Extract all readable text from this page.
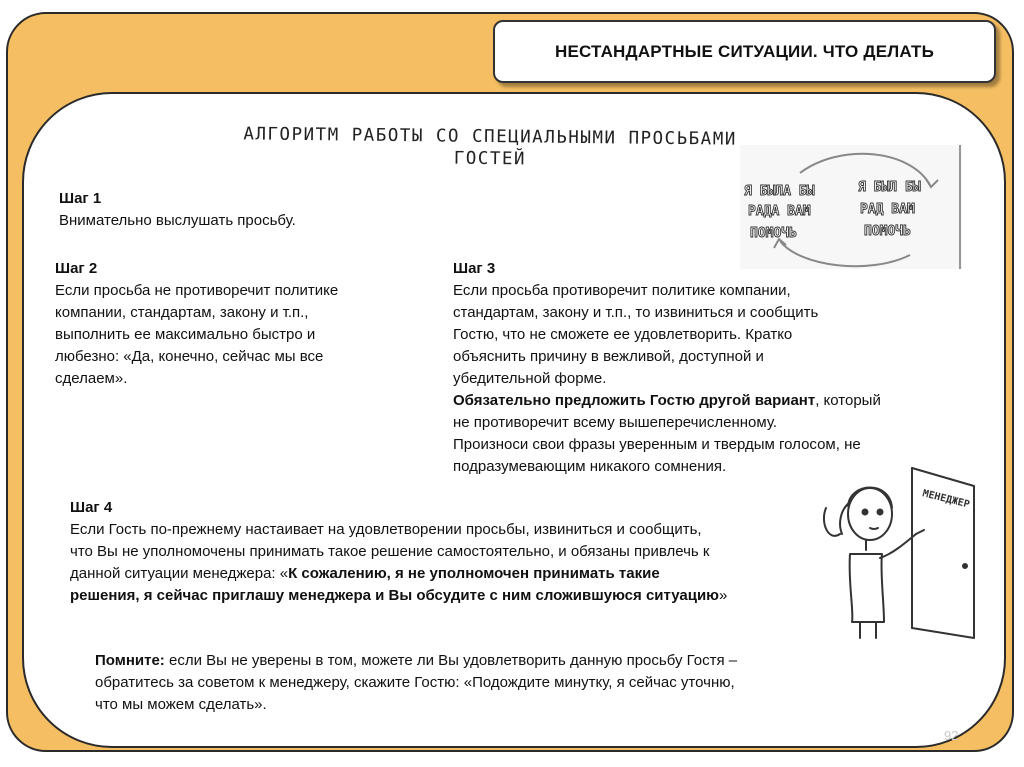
НЕСТАНДАРТНЫЕ СИТУАЦИИ. ЧТО ДЕЛАТЬ
АЛГОРИТМ РАБОТЫ СО СПЕЦИАЛЬНЫМИ ПРОСЬБАМИ
ГОСТЕЙ
Я БЫЛА БЫ
РАДА ВАМ
ПОМОЧЬ
Я БЫЛ БЫ
РАД ВАМ
ПОМОЧЬ
Шаг 1
Внимательно выслушать просьбу.
Шаг 2
Если просьба не противоречит политике
компании, стандартам, закону и т.п.,
выполнить ее максимально быстро и
любезно: «Да, конечно, сейчас мы все
сделаем».
Шаг 3
Если просьба противоречит политике компании,
стандартам, закону и т.п., то извиниться и сообщить
Гостю, что не сможете ее удовлетворить. Кратко
объяснить причину в вежливой, доступной и
убедительной форме.
Обязательно предложить Гостю другой вариант, который
не противоречит всему вышеперечисленному.
Произноси свои фразы уверенным и твердым голосом, не
подразумевающим никакого сомнения.
Шаг 4
Если Гость по-прежнему настаивает на удовлетворении просьбы, извиниться и сообщить,
что Вы не уполномочены принимать такое решение самостоятельно, и обязаны привлечь к
данной ситуации менеджера: «К сожалению, я не уполномочен принимать такие
решения, я сейчас приглашу менеджера и Вы обсудите с ним сложившуюся ситуацию»
МЕНЕДЖЕР
Помните: если Вы не уверены в том, можете ли Вы удовлетворить данную просьбу Гостя –
обратитесь за советом к менеджеру, скажите Гостю: «Подождите минутку, я сейчас уточню,
что мы можем сделать».
92
